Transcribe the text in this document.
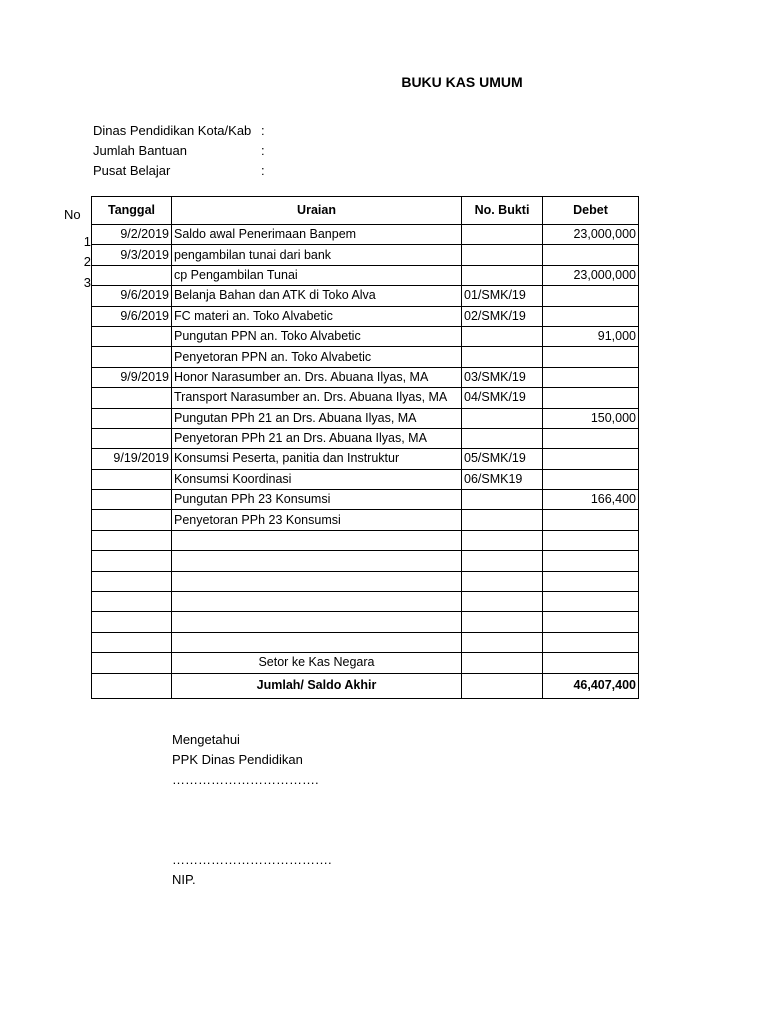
BUKU KAS UMUM
Dinas Pendidikan Kota/Kab :
Jumlah Bantuan	:
Pusat Belajar	:
No
1
2
3
Tanggal	Uraian	No. Bukti	Debet
9/2/2019	Saldo awal Penerimaan Banpem		23,000,000
9/3/2019	pengambilan tunai dari bank		
	cp Pengambilan Tunai		23,000,000
9/6/2019	Belanja Bahan dan ATK di Toko Alva	01/SMK/19	
9/6/2019	FC materi an. Toko Alvabetic	02/SMK/19	
	Pungutan PPN an. Toko Alvabetic		91,000
	Penyetoran PPN an. Toko Alvabetic		
9/9/2019	Honor Narasumber an. Drs. Abuana Ilyas, MA	03/SMK/19	
	Transport Narasumber an. Drs. Abuana Ilyas, MA	04/SMK/19	
	Pungutan PPh 21 an Drs. Abuana Ilyas, MA		150,000
	Penyetoran PPh 21 an Drs. Abuana Ilyas, MA		
9/19/2019	Konsumsi Peserta, panitia dan Instruktur	05/SMK/19	
	Konsumsi Koordinasi	06/SMK19	
	Pungutan PPh 23 Konsumsi		166,400
	Penyetoran PPh 23 Konsumsi		

	Setor ke Kas Negara		
	Jumlah/ Saldo Akhir		46,407,400
Mengetahui
PPK Dinas Pendidikan
…………………………….
……………………………….
NIP.
